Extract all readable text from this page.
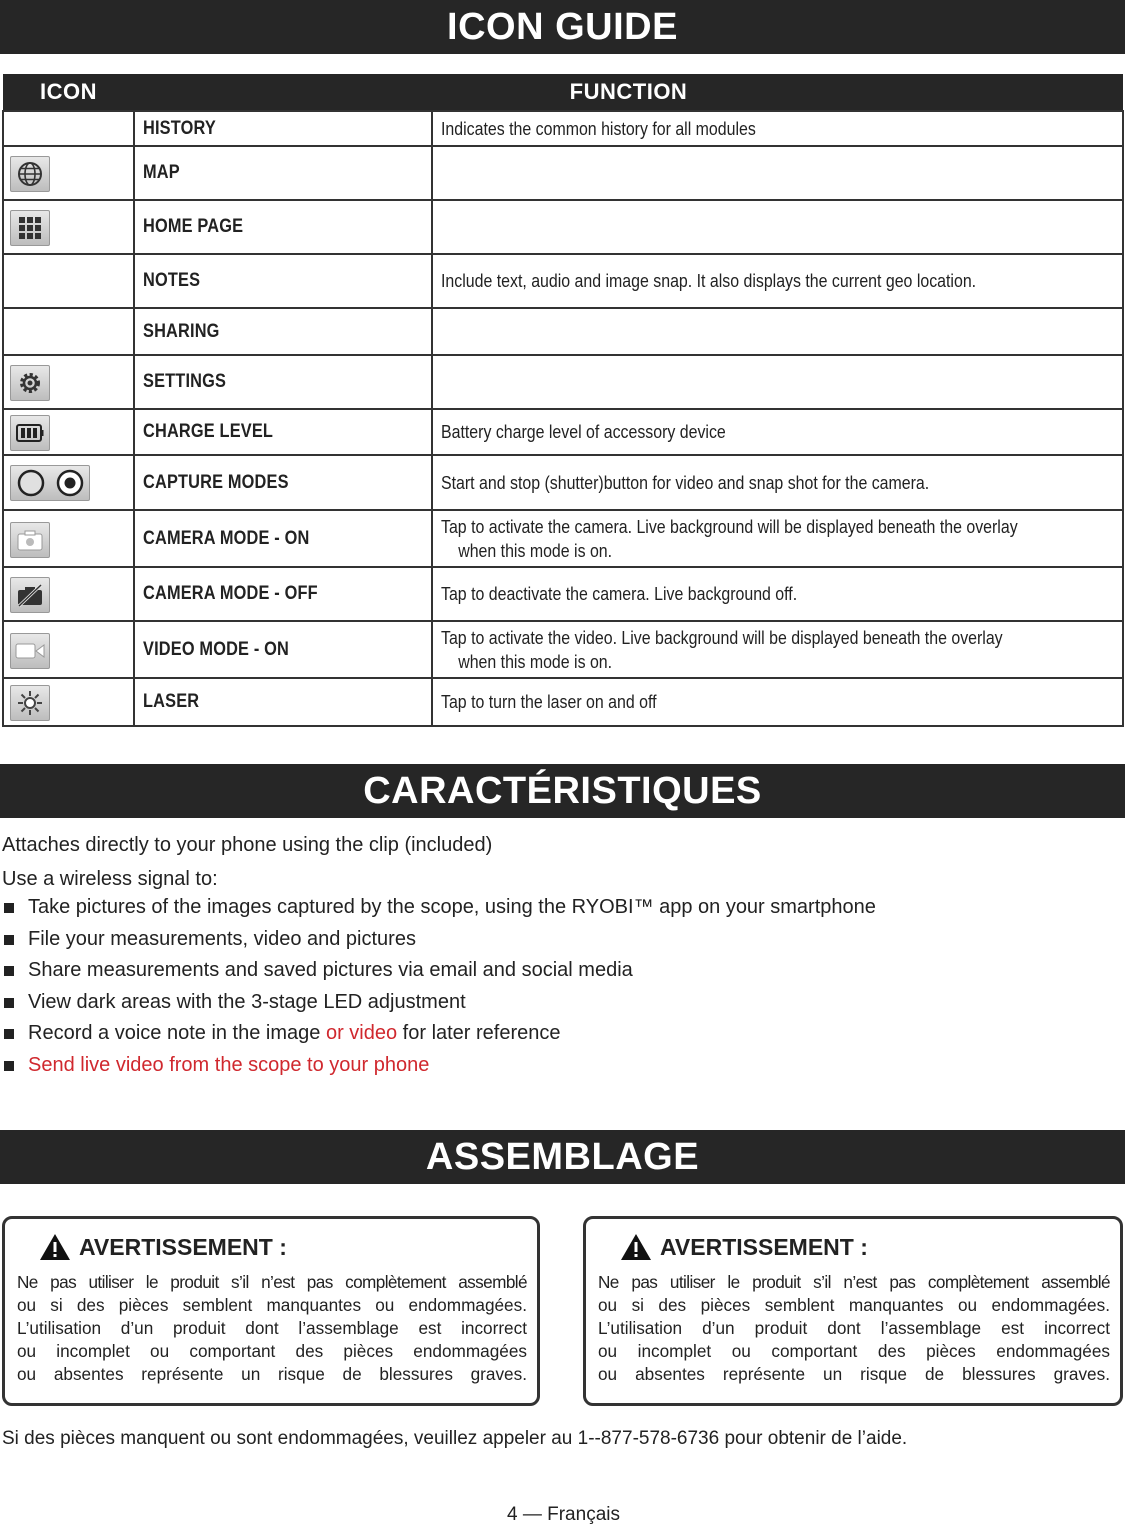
ICON GUIDE
ICON	FUNCTION	
	HISTORY	Indicates the common history for all modules

	MAP	

	HOME PAGE	
	NOTES	Include text, audio and image snap. It also displays the current geo location.
	SHARING	

	SETTINGS	

	CHARGE LEVEL	Battery charge level of accessory device

	CAPTURE MODES	Start and stop (shutter)button for video and snap shot for the camera.

	CAMERA MODE - ON	Tap to activate the camera. Live background will be displayed beneath the overlay
when this mode is on.

	CAMERA MODE - OFF	Tap to deactivate the camera. Live background off.

	VIDEO MODE - ON	Tap to activate the video. Live background will be displayed beneath the overlay
when this mode is on.

	LASER	Tap to turn the laser on and off
CARACTÉRISTIQUES

Attaches directly to your phone using the clip (included)

Use a wireless signal to:

Take pictures of the images captured by the scope, using the RYOBI™ app on your smartphone
File your measurements, video and pictures
Share measurements and saved pictures via email and social media
View dark areas with the 3-stage LED adjustment
Record a voice note in the image or video for later reference
Send live video from the scope to your phone
ASSEMBLAGE
AVERTISSEMENT :
Ne pas utiliser le produit s’il n’est pas complètement assemblé
ou si des pièces semblent manquantes ou endommagées.
L’utilisation d’un produit dont l’assemblage est incorrect
ou incomplet ou comportant des pièces endommagées
ou absentes représente un risque de blessures graves.
AVERTISSEMENT :
Ne pas utiliser le produit s’il n’est pas complètement assemblé
ou si des pièces semblent manquantes ou endommagées.
L’utilisation d’un produit dont l’assemblage est incorrect
ou incomplet ou comportant des pièces endommagées
ou absentes représente un risque de blessures graves.
Si des pièces manquent ou sont endommagées, veuillez appeler au 1--877-578-6736 pour obtenir de l’aide.
4 — Français
